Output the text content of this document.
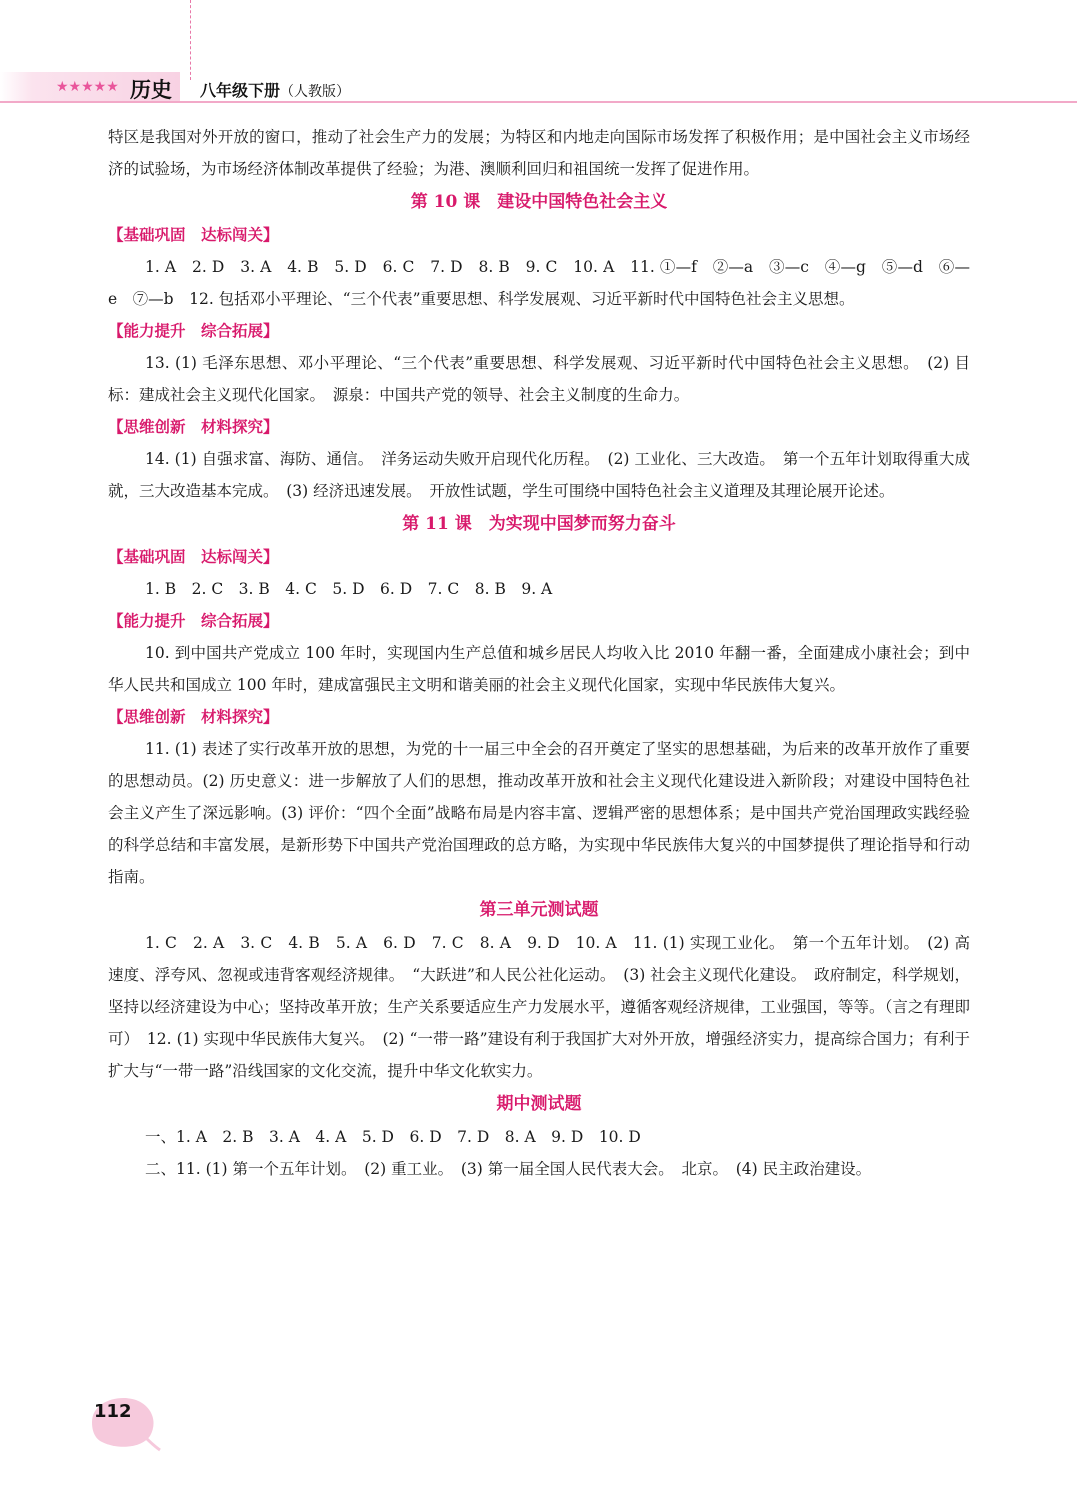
★★★★★ 历史 八年级下册（人教版）

特区是我国对外开放的窗口，推动了社会生产力的发展；为特区和内地走向国际市场发挥了积极作用；是中国社会主义市场经济的试验场，为市场经济体制改革提供了经验；为港、澳顺利回归和祖国统一发挥了促进作用。

第 10 课　建设中国特色社会主义

【基础巩固　达标闯关】

1. A　2. D　3. A　4. B　5. D　6. C　7. D　8. B　9. C　10. A　11. ①—f　②—a　③—c　④—g　⑤—d　⑥—e　⑦—b　12. 包括邓小平理论、“三个代表”重要思想、科学发展观、习近平新时代中国特色社会主义思想。

【能力提升　综合拓展】

13. (1) 毛泽东思想、邓小平理论、“三个代表”重要思想、科学发展观、习近平新时代中国特色社会主义思想。　(2) 目标：建成社会主义现代化国家。　源泉：中国共产党的领导、社会主义制度的生命力。

【思维创新　材料探究】

14. (1) 自强求富、海防、通信。　洋务运动失败开启现代化历程。　(2) 工业化、三大改造。　第一个五年计划取得重大成就，三大改造基本完成。　(3) 经济迅速发展。　开放性试题，学生可围绕中国特色社会主义道理及其理论展开论述。

第 11 课　为实现中国梦而努力奋斗

【基础巩固　达标闯关】

1. B　2. C　3. B　4. C　5. D　6. D　7. C　8. B　9. A

【能力提升　综合拓展】

10. 到中国共产党成立 100 年时，实现国内生产总值和城乡居民人均收入比 2010 年翻一番，全面建成小康社会；到中华人民共和国成立 100 年时，建成富强民主文明和谐美丽的社会主义现代化国家，实现中华民族伟大复兴。

【思维创新　材料探究】

11. (1) 表述了实行改革开放的思想，为党的十一届三中全会的召开奠定了坚实的思想基础，为后来的改革开放作了重要的思想动员。(2) 历史意义：进一步解放了人们的思想，推动改革开放和社会主义现代化建设进入新阶段；对建设中国特色社会主义产生了深远影响。(3) 评价：“四个全面”战略布局是内容丰富、逻辑严密的思想体系；是中国共产党治国理政实践经验的科学总结和丰富发展，是新形势下中国共产党治国理政的总方略，为实现中华民族伟大复兴的中国梦提供了理论指导和行动指南。

第三单元测试题

1. C　2. A　3. C　4. B　5. A　6. D　7. C　8. A　9. D　10. A　11. (1) 实现工业化。　第一个五年计划。　(2) 高速度、浮夸风、忽视或违背客观经济规律。　“大跃进”和人民公社化运动。　(3) 社会主义现代化建设。　政府制定，科学规划，坚持以经济建设为中心；坚持改革开放；生产关系要适应生产力发展水平，遵循客观经济规律，工业强国，等等。（言之有理即可）　12. (1) 实现中华民族伟大复兴。　(2) “一带一路”建设有利于我国扩大对外开放，增强经济实力，提高综合国力；有利于扩大与“一带一路”沿线国家的文化交流，提升中华文化软实力。

期中测试题

一、1. A　2. B　3. A　4. A　5. D　6. D　7. D　8. A　9. D　10. D

二、11. (1) 第一个五年计划。　(2) 重工业。　(3) 第一届全国人民代表大会。　北京。　(4) 民主政治建设。

112
